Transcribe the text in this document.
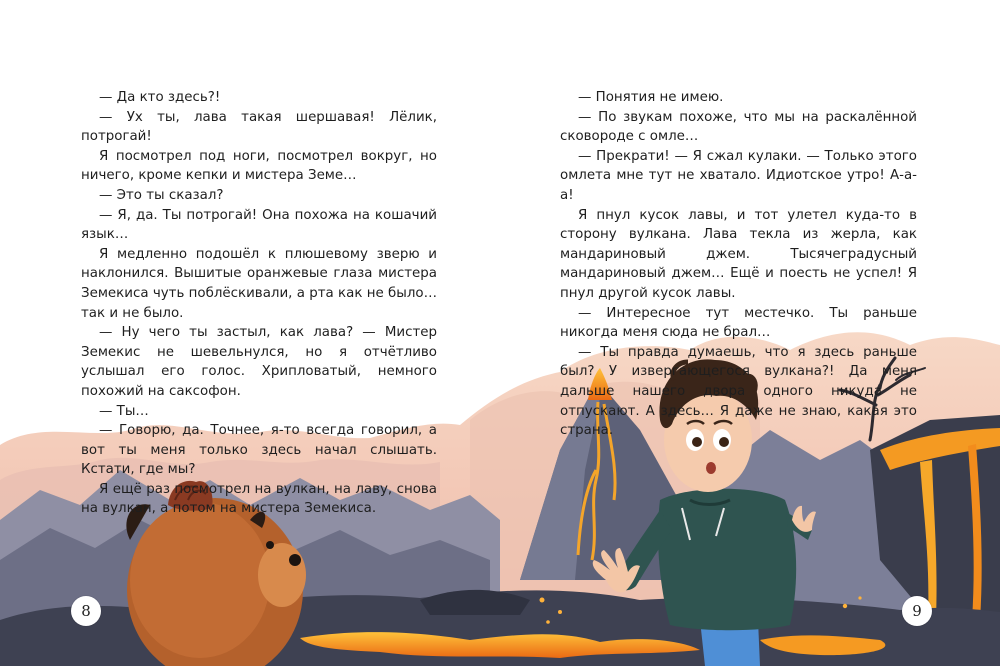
— Да кто здесь?!

— Ух ты, лава такая шершавая! Лёлик, потрогай!

Я посмотрел под ноги, посмотрел вокруг, но ничего, кроме кепки и мистера Земе…

— Это ты сказал?

— Я, да. Ты потрогай! Она похожа на кошачий язык…

Я медленно подошёл к плюшевому зверю и наклонился. Вышитые оранжевые глаза мистера Земекиса чуть поблёскивали, а рта как не было… так и не было.

— Ну чего ты застыл, как лава? — Мистер Земекис не шевельнулся, но я отчётливо услышал его голос. Хрипловатый, немного похожий на саксофон.

— Ты…

— Говорю, да. Точнее, я-то всегда говорил, а вот ты меня только здесь начал слышать. Кстати, где мы?

Я ещё раз посмотрел на вулкан, на лаву, снова на вулкан, а потом на мистера Земекиса.

— Понятия не имею.

— По звукам похоже, что мы на раскалённой сковороде с омле…

— Прекрати! — Я сжал кулаки. — Только этого омлета мне тут не хватало. Идиотское утро! А-а-а!

Я пнул кусок лавы, и тот улетел куда-то в сторону вулкана. Лава текла из жерла, как мандариновый джем. Тысячеградусный мандариновый джем… Ещё и поесть не успел! Я пнул другой кусок лавы.

— Интересное тут местечко. Ты раньше никогда меня сюда не брал…

— Ты правда думаешь, что я здесь раньше был? У извергающегося вулкана?! Да меня дальше нашего двора одного никуда не отпускают. А здесь… Я даже не знаю, какая это страна.

8	9
